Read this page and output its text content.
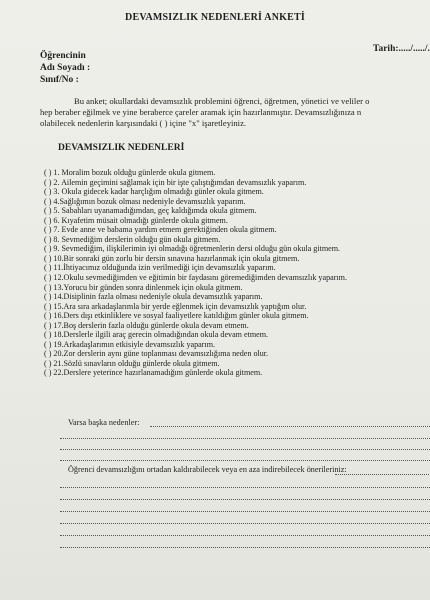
DEVAMSIZLIK NEDENLERİ ANKETİ
Öğrencinin
Adı Soyadı :
Sınıf/No :
Tarih:...../...../.

Bu anket; okullardaki devamsızlık problemini öğrenci, öğretmen, yönetici ve veliler o

hep beraber eğilmek ve yine beraberce çareler aramak için hazırlanmıştır. Devamsızlığınıza n

olabilecek nedenlerin karşısındaki ( ) içine "x" işaretleyiniz.

DEVAMSIZLIK NEDENLERİ
( ) 1. Moralim bozuk olduğu günlerde okula gitmem.
( ) 2. Ailemin geçimini sağlamak için bir işte çalıştığımdan devamsızlık yaparım.
( ) 3. Okula gidecek kadar harçlığım olmadığı günler okula gitmem.
( ) 4.Sağlığımın bozuk olması nedeniyle devamsızlık yaparım.
( ) 5. Sabahları uyanamadığımdan, geç kaldığımda okula gitmem.
( ) 6. Kıyafetim müsait olmadığı günlerde okula gitmem.
( ) 7. Evde anne ve babama yardım etmem gerektiğinden okula gitmem.
( ) 8. Sevmediğim derslerin olduğu gün okula gitmem.
( ) 9. Sevmediğim, ilişkilerimin iyi olmadığı öğretmenlerin dersi olduğu gün okula gitmem.
( ) 10.Bir sonraki gün zorlu bir dersin sınavına hazırlanmak için okula gitmem.
( ) 11.İhtiyacımız olduğunda izin verilmediği için devamsızlık yaparım.
( ) 12.Okulu sevmediğimden ve eğitimin bir faydasını göremediğimden devamsızlık yaparım.
( ) 13.Yorucu bir günden sonra dinlenmek için okula gitmem.
( ) 14.Disiplinin fazla olması nedeniyle okula devamsızlık yaparım.
( ) 15.Ara sıra arkadaşlarımla bir yerde eğlenmek için devamsızlık yaptığım olur.
( ) 16.Ders dışı etkinliklere ve sosyal faaliyetlere katıldığım günler okula gitmem.
( ) 17.Boş derslerin fazla olduğu günlerde okula devam etmem.
( ) 18.Derslerle ilgili araç gerecin olmadığından okula devam etmem.
( ) 19.Arkadaşlarımın etkisiyle devamsızlık yaparım.
( ) 20.Zor derslerin aynı güne toplanması devamsızlığıma neden olur.
( ) 21.Sözlü sınavların olduğu günlerde okula gitmem.
( ) 22.Derslere yeterince hazırlanamadığım günlerde okula gitmem.
Varsa başka nedenler:
Öğrenci devamsızlığını ortadan kaldırabilecek veya en aza indirebilecek önerileriniz:
